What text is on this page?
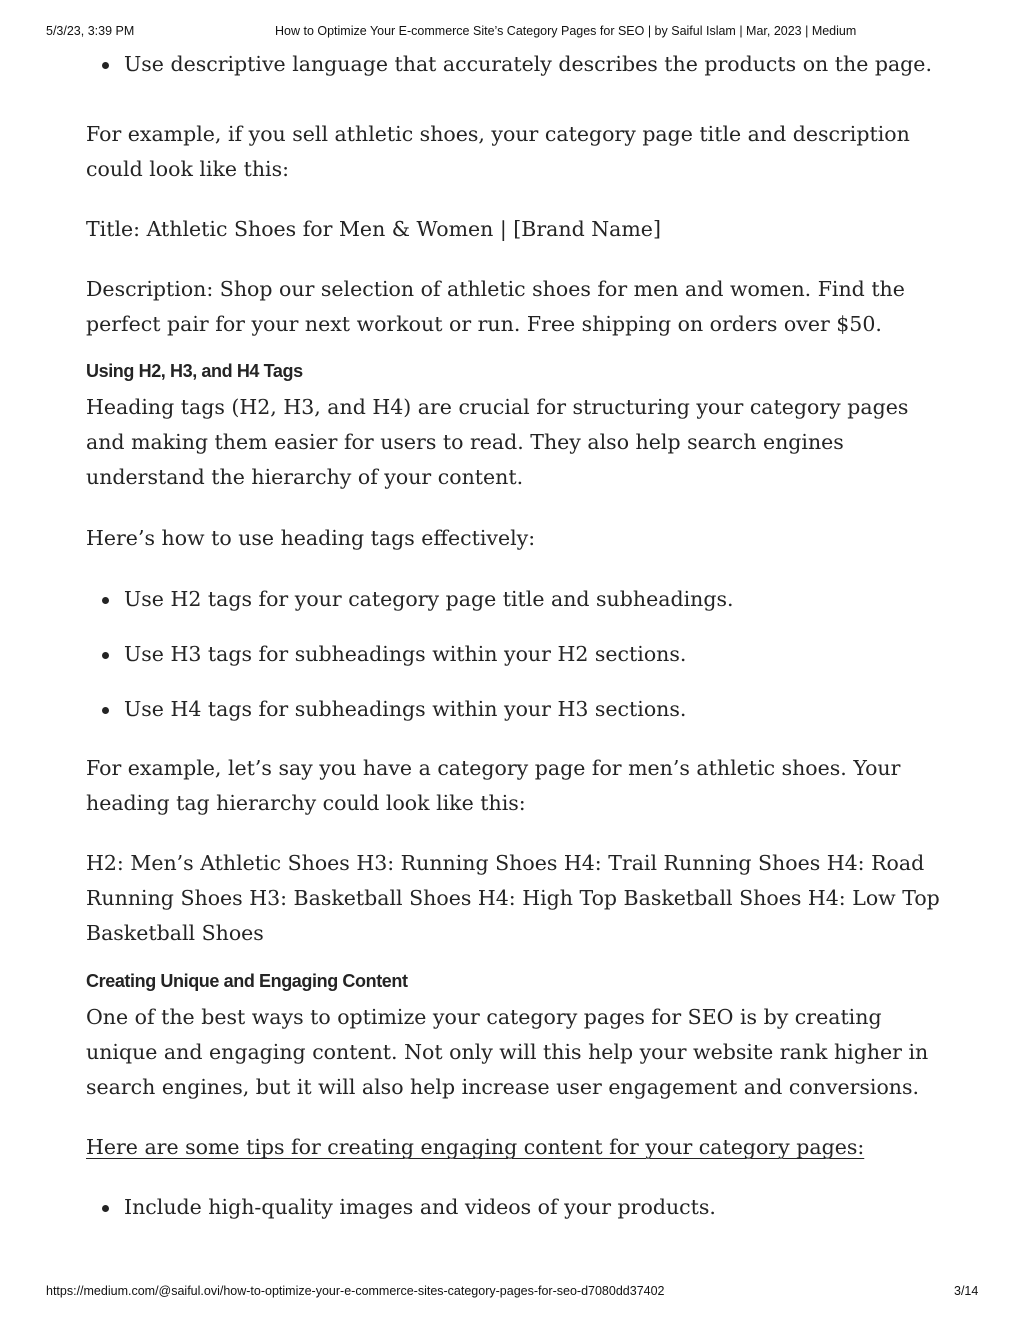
5/3/23, 3:39 PM	How to Optimize Your E-commerce Site’s Category Pages for SEO | by Saiful Islam | Mar, 2023 | Medium
Use descriptive language that accurately describes the products on the page.

For example, if you sell athletic shoes, your category page title and description could look like this:

Title: Athletic Shoes for Men & Women | [Brand Name]

Description: Shop our selection of athletic shoes for men and women. Find the perfect pair for your next workout or run. Free shipping on orders over $50.

Using H2, H3, and H4 Tags

Heading tags (H2, H3, and H4) are crucial for structuring your category pages and making them easier for users to read. They also help search engines understand the hierarchy of your content.

Here’s how to use heading tags effectively:

Use H2 tags for your category page title and subheadings.
Use H3 tags for subheadings within your H2 sections.
Use H4 tags for subheadings within your H3 sections.

For example, let’s say you have a category page for men’s athletic shoes. Your heading tag hierarchy could look like this:

H2: Men’s Athletic Shoes H3: Running Shoes H4: Trail Running Shoes H4: Road Running Shoes H3: Basketball Shoes H4: High Top Basketball Shoes H4: Low Top Basketball Shoes

Creating Unique and Engaging Content

One of the best ways to optimize your category pages for SEO is by creating unique and engaging content. Not only will this help your website rank higher in search engines, but it will also help increase user engagement and conversions.

Here are some tips for creating engaging content for your category pages:

Include high-quality images and videos of your products.
https://medium.com/@saiful.ovi/how-to-optimize-your-e-commerce-sites-category-pages-for-seo-d7080dd37402	3/14
